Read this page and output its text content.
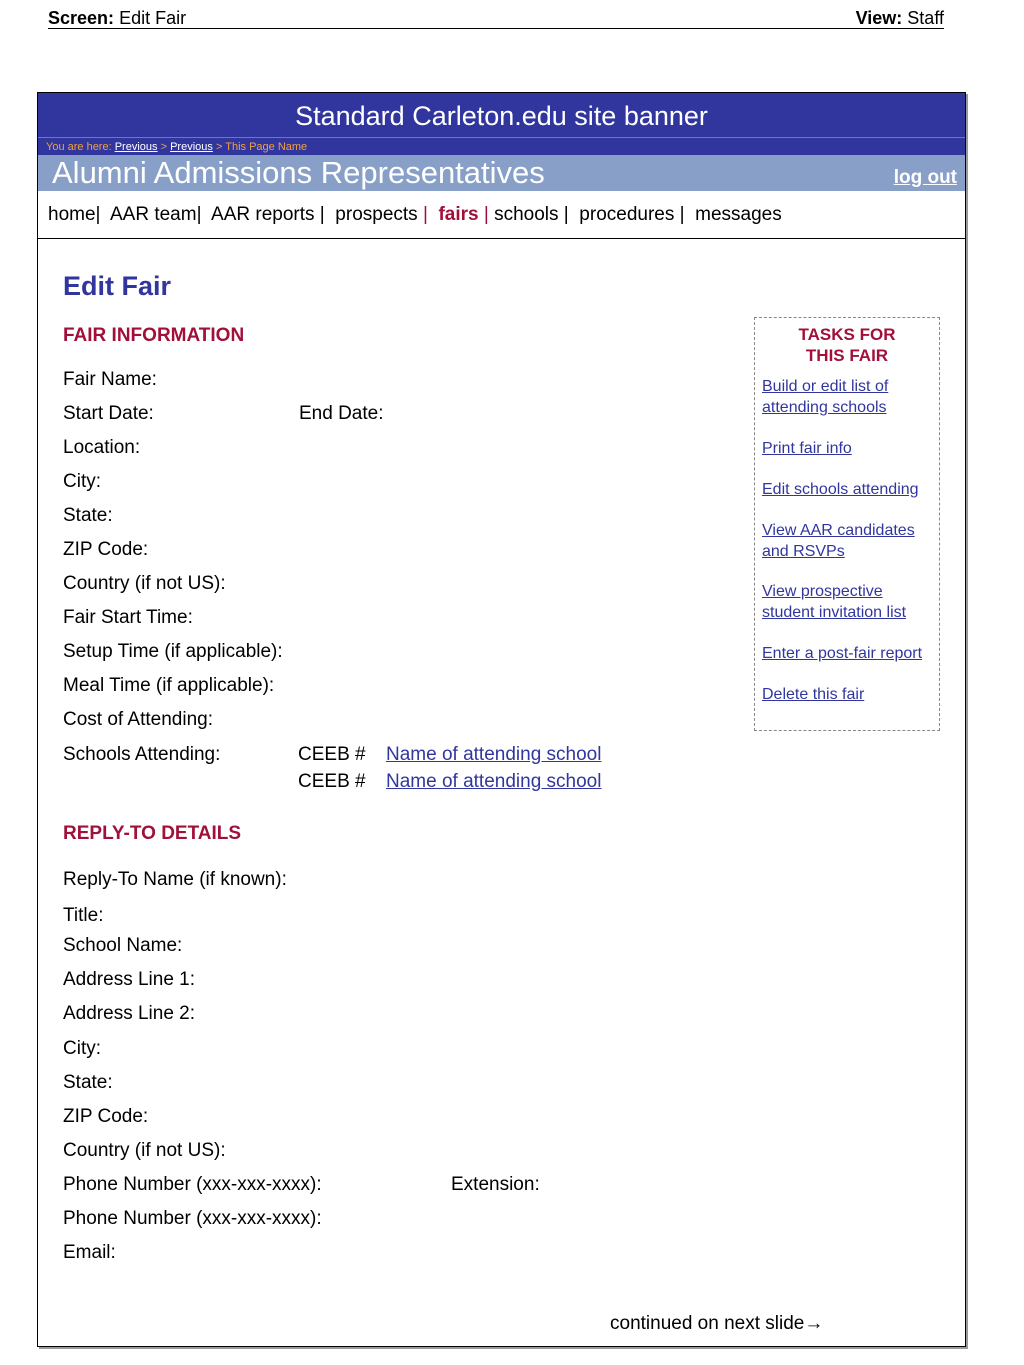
Screen: Edit Fair	View: Staff
Standard Carleton.edu site banner
You are here: Previous > Previous > This Page Name
Alumni Admissions Representatives	log out
home| AAR team| AAR reports | prospects | fairs | schools | procedures | messages
Edit Fair
FAIR INFORMATION
Fair Name:
Start Date:	End Date:
Location:
City:
State:
ZIP Code:
Country (if not US):
Fair Start Time:
Setup Time (if applicable):
Meal Time (if applicable):
Cost of Attending:
Schools Attending:	CEEB # Name of attending school
CEEB # Name of attending school
REPLY-TO DETAILS
Reply-To Name (if known):
Title:
School Name:
Address Line 1:
Address Line 2:
City:
State:
ZIP Code:
Country (if not US):
Phone Number (xxx-xxx-xxxx):	Extension:
Phone Number (xxx-xxx-xxxx):
Email:
TASKS FOR
THIS FAIR
Build or edit list of
attending schools
Print fair info
Edit schools attending
View AAR candidates
and RSVPs
View prospective
student invitation list
Enter a post-fair report
Delete this fair
continued on next slide→
